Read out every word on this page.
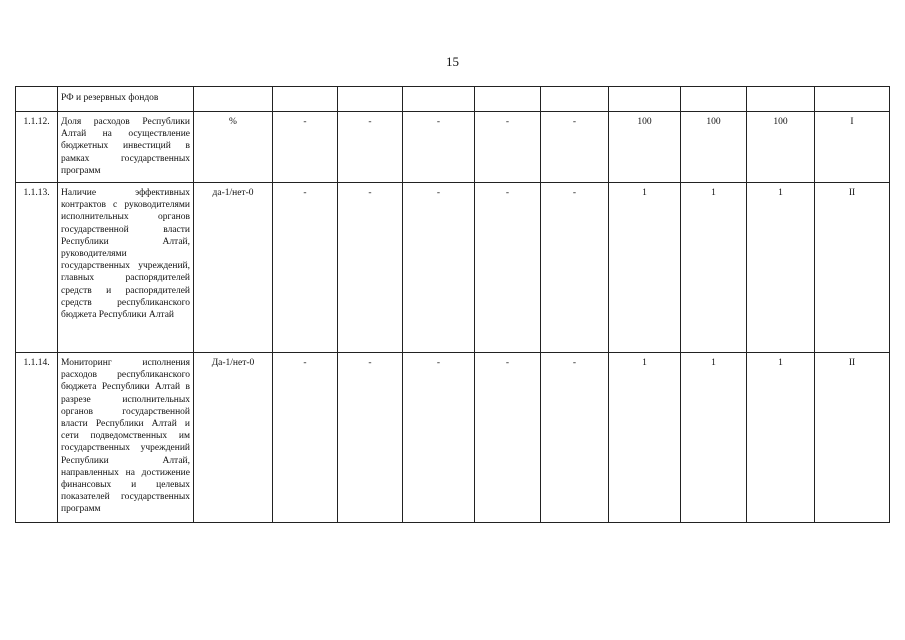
15
	РФ и резервных фондов										
1.1.12.	Доля расходов Республики Алтай на осуществление бюджетных инвестиций в рамках государственных программ	%	-	-	-	-	-	100	100	100	I
1.1.13.	Наличие эффективных контрактов с руководителями исполнительных органов государственной власти Республики Алтай, руководителями государственных учреждений, главных распорядителей средств и распорядителей средств республиканского бюджета Республики Алтай	да-1/нет-0	-	-	-	-	-	1	1	1	II
1.1.14.	Мониторинг исполнения расходов республиканского бюджета Республики Алтай в разрезе исполнительных органов государственной власти Республики Алтай и сети подведомственных им государственных учреждений Республики Алтай, направленных на достижение финансовых и целевых показателей государственных программ	Да-1/нет-0	-	-	-	-	-	1	1	1	II
